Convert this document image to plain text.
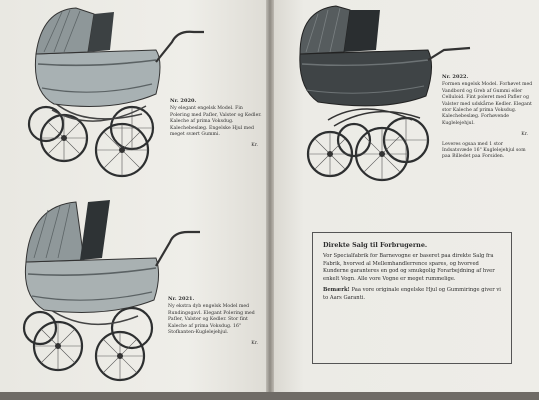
Nr. 2020.
Ny elegant engelsk Model. Fin Polering med Pafler, Valster og Kedler. Kaleche af prima Voksdug. Kalechebeslæg. Engelske Hjul med meget svært Gummi.
Kr.
Nr. 2021.
Ny ekstra dyb engelsk Model med Rundingsgavl. Elegant Polering med Pafler, Valster og Kedler. Stor fint Kaleche af prima Voksdug. 16" Stofkanten-Kuglelejehjul.
Kr.
Nr. 2022.
Formen engelsk Model. Forhøvet med Vandbord og Greb af Gummi eller Celluloid. Fint poleret med Pafler og Valster med udskårne Kedler. Elegant stor Kaleche af prima Voksdug. Kalechebeslæg. Forhøvende Kuglelejehjul.
Kr.
Leveres ogsaa med 1 stor Indsatsvæde 16" Kuglelejehjul som paa Billedet paa Forsiden.
Direkte Salg til Forbrugerne.
Vor Specialfabrik for Barnevogne er baseret paa direkte Salg fra Fabrik, hvorved al Mellemhandlerrence spares, og hvorved Kunderne garanteres en god og smukgolig Forarbejdning af hver enkelt Vogn. Alle vore Vogne er meget rummelige.
Bemærk! Paa vore originale engelske Hjul og Gummiringe giver vi to Aars Garanti.
